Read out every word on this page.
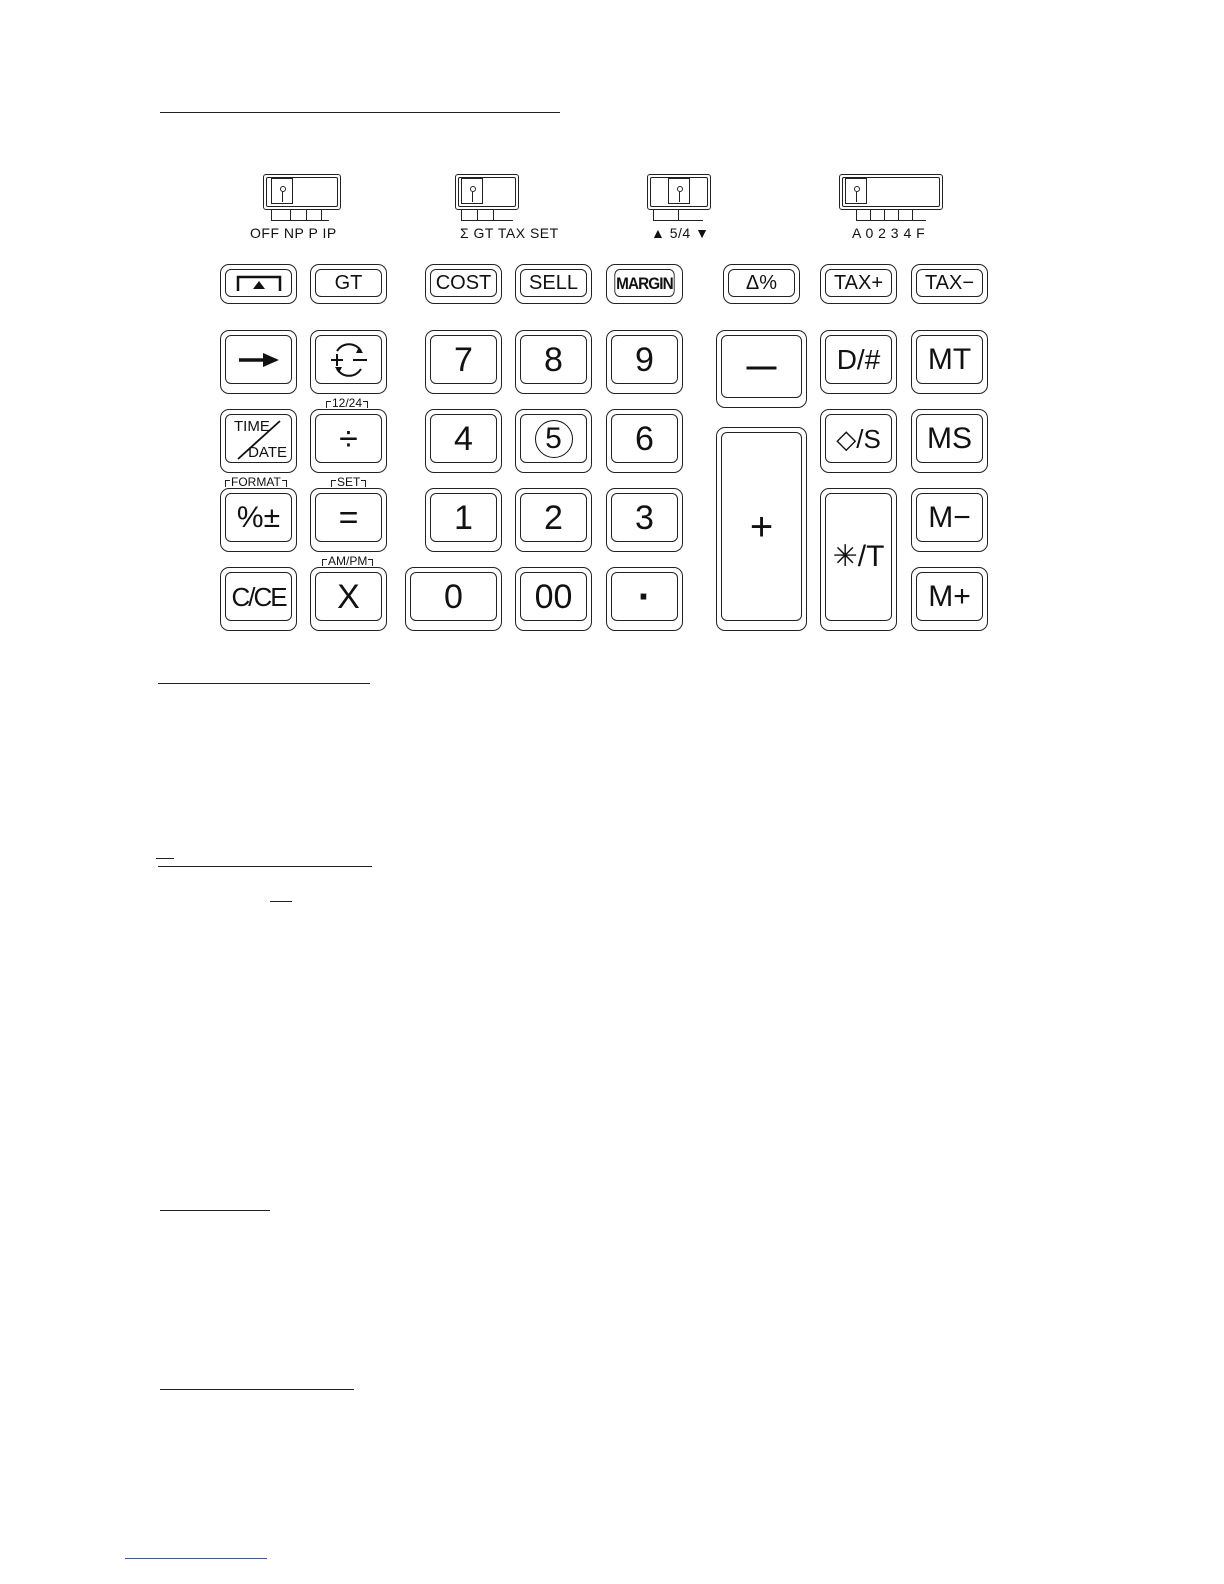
OFF NP P IP	Σ GT TAX SET	▲ 5/4 ▼	A 0 2 3 4 F
GT	COST	SELL	MARGIN	Δ%	TAX+	TAX−
7	8	9	—	D/#	MT
TIME
DATE	÷
12/24
4	5	6
+
◇/S	MS
%±
FORMAT
=
SET
1	2	3
✳/T
M−
C/CE	X
AM/PM
0	00	·	M+
